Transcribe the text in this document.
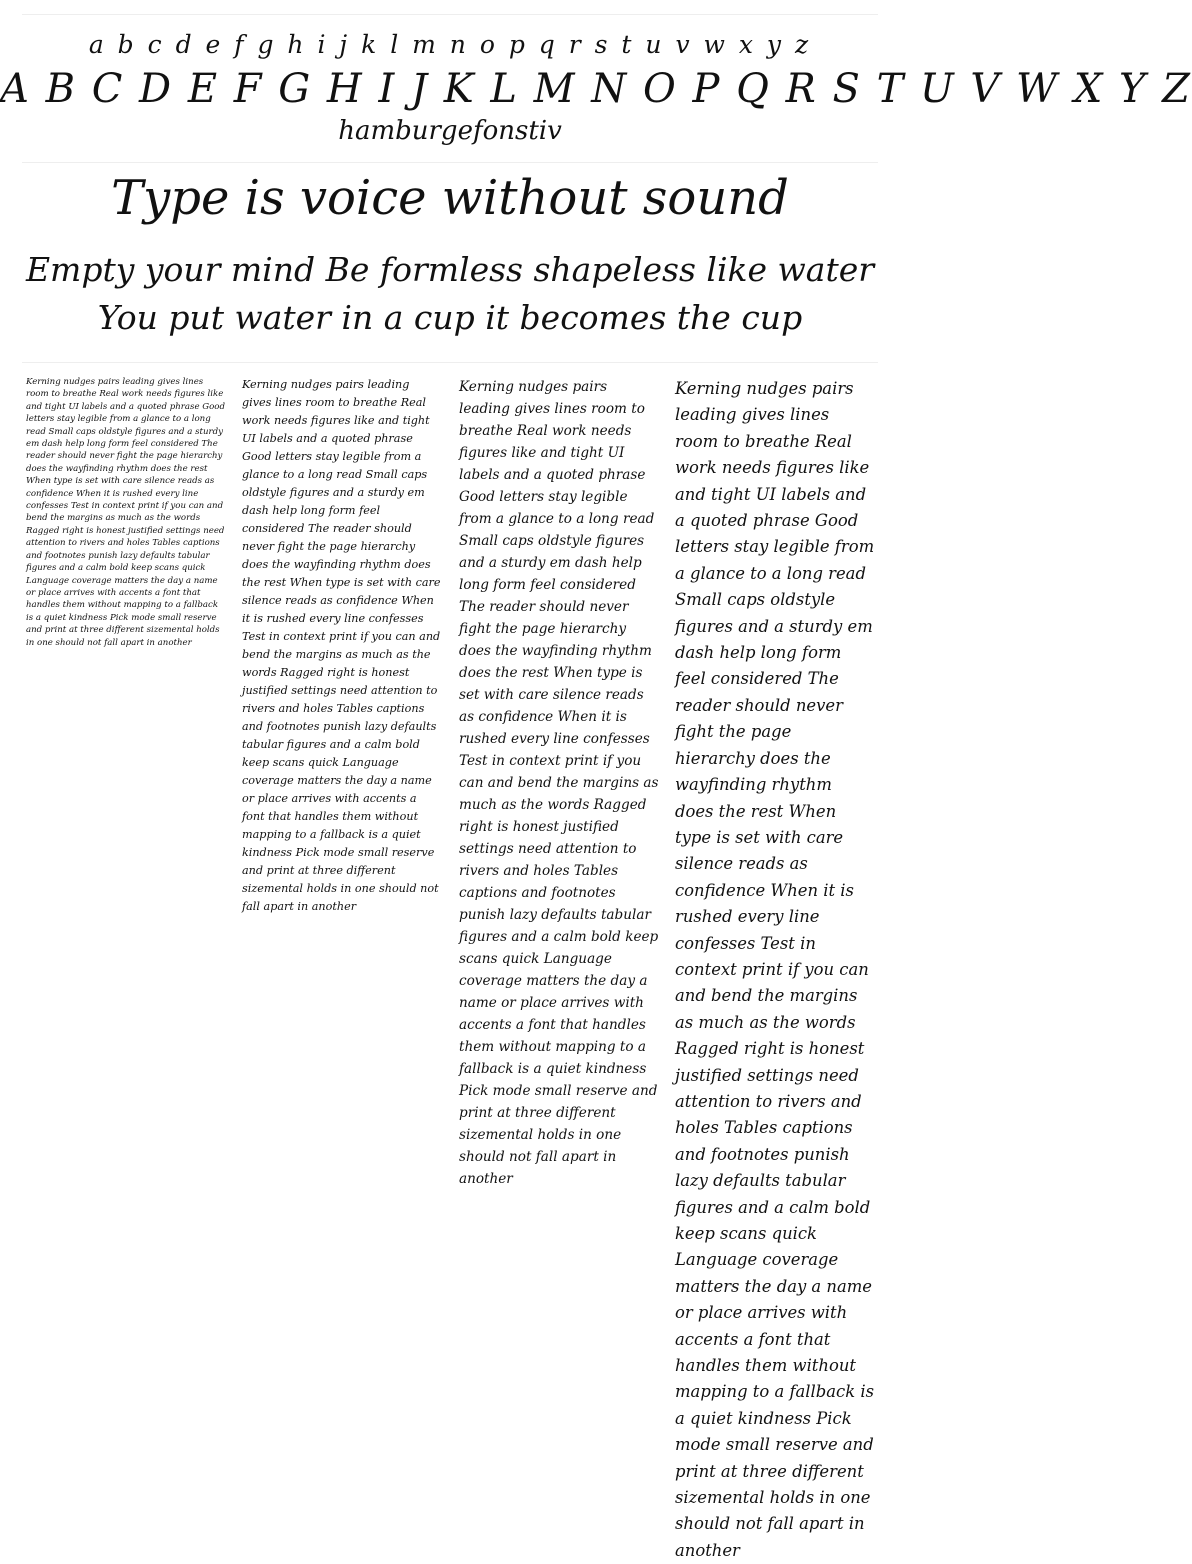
a b c d e f g h i j k l m n o p q r s t u v w x y z
A B C D E F G H I J K L M N O P Q R S T U V W X Y Z
hamburgefonstiv
Type is voice without sound
Empty your mind Be formless shapeless like water
You put water in a cup it becomes the cup
Kerning nudges pairs leading gives lines room to breathe Real work needs figures like and tight UI labels and a quoted phrase Good letters stay legible from a glance to a long read Small caps oldstyle figures and a sturdy em dash help long form feel considered The reader should never fight the page hierarchy does the wayfinding rhythm does the rest When type is set with care silence reads as confidence When it is rushed every line confesses Test in context print if you can and bend the margins as much as the words Ragged right is honest justified settings need attention to rivers and holes Tables captions and footnotes punish lazy defaults tabular figures and a calm bold keep scans quick Language coverage matters the day a name or place arrives with accents a font that handles them without mapping to a fallback is a quiet kindness Pick mode small reserve and print at three different sizemental holds in one should not fall apart in another
Kerning nudges pairs leading gives lines room to breathe Real work needs figures like and tight UI labels and a quoted phrase Good letters stay legible from a glance to a long read Small caps oldstyle figures and a sturdy em dash help long form feel considered The reader should never fight the page hierarchy does the wayfinding rhythm does the rest When type is set with care silence reads as confidence When it is rushed every line confesses Test in context print if you can and bend the margins as much as the words Ragged right is honest justified settings need attention to rivers and holes Tables captions and footnotes punish lazy defaults tabular figures and a calm bold keep scans quick Language coverage matters the day a name or place arrives with accents a font that handles them without mapping to a fallback is a quiet kindness Pick mode small reserve and print at three different sizemental holds in one should not fall apart in another
Kerning nudges pairs leading gives lines room to breathe Real work needs figures like and tight UI labels and a quoted phrase Good letters stay legible from a glance to a long read Small caps oldstyle figures and a sturdy em dash help long form feel considered The reader should never fight the page hierarchy does the wayfinding rhythm does the rest When type is set with care silence reads as confidence When it is rushed every line confesses Test in context print if you can and bend the margins as much as the words Ragged right is honest justified settings need attention to rivers and holes Tables captions and footnotes punish lazy defaults tabular figures and a calm bold keep scans quick Language coverage matters the day a name or place arrives with accents a font that handles them without mapping to a fallback is a quiet kindness Pick mode small reserve and print at three different sizemental holds in one should not fall apart in another
Kerning nudges pairs leading gives lines room to breathe Real work needs figures like and tight UI labels and a quoted phrase Good letters stay legible from a glance to a long read Small caps oldstyle figures and a sturdy em dash help long form feel considered The reader should never fight the page hierarchy does the wayfinding rhythm does the rest When type is set with care silence reads as confidence When it is rushed every line confesses Test in context print if you can and bend the margins as much as the words Ragged right is honest justified settings need attention to rivers and holes Tables captions and footnotes punish lazy defaults tabular figures and a calm bold keep scans quick Language coverage matters the day a name or place arrives with accents a font that handles them without mapping to a fallback is a quiet kindness Pick mode small reserve and print at three different sizemental holds in one should not fall apart in another
